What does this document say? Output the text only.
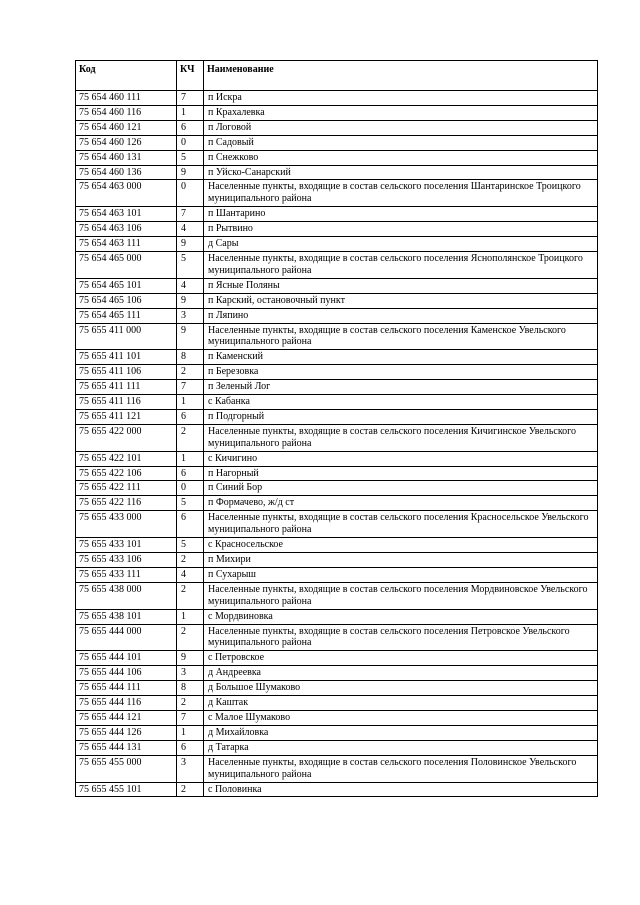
Код	КЧ	Наименование
75 654 460 111	7	п Искра
75 654 460 116	1	п Крахалевка
75 654 460 121	6	п Логовой
75 654 460 126	0	п Садовый
75 654 460 131	5	п Снежково
75 654 460 136	9	п Уйско-Санарский
75 654 463 000	0	Населенные пункты, входящие в состав сельского поселения Шантаринское Троицкого муниципального района
75 654 463 101	7	п Шантарино
75 654 463 106	4	п Рытвино
75 654 463 111	9	д Сары
75 654 465 000	5	Населенные пункты, входящие в состав сельского поселения Яснополянское Троицкого муниципального района
75 654 465 101	4	п Ясные Поляны
75 654 465 106	9	п Карский, остановочный пункт
75 654 465 111	3	п Ляпино
75 655 411 000	9	Населенные пункты, входящие в состав сельского поселения Каменское Увельского муниципального района
75 655 411 101	8	п Каменский
75 655 411 106	2	п Березовка
75 655 411 111	7	п Зеленый Лог
75 655 411 116	1	с Кабанка
75 655 411 121	6	п Подгорный
75 655 422 000	2	Населенные пункты, входящие в состав сельского поселения Кичигинское Увельского муниципального района
75 655 422 101	1	с Кичигино
75 655 422 106	6	п Нагорный
75 655 422 111	0	п Синий Бор
75 655 422 116	5	п Формачево, ж/д ст
75 655 433 000	6	Населенные пункты, входящие в состав сельского поселения Красносельское Увельского муниципального района
75 655 433 101	5	с Красносельское
75 655 433 106	2	п Михири
75 655 433 111	4	п Сухарыш
75 655 438 000	2	Населенные пункты, входящие в состав сельского поселения Мордвиновское Увельского муниципального района
75 655 438 101	1	с Мордвиновка
75 655 444 000	2	Населенные пункты, входящие в состав сельского поселения Петровское Увельского муниципального района
75 655 444 101	9	с Петровское
75 655 444 106	3	д Андреевка
75 655 444 111	8	д Большое Шумаково
75 655 444 116	2	д Каштак
75 655 444 121	7	с Малое Шумаково
75 655 444 126	1	д Михайловка
75 655 444 131	6	д Татарка
75 655 455 000	3	Населенные пункты, входящие в состав сельского поселения Половинское Увельского муниципального района
75 655 455 101	2	с Половинка
